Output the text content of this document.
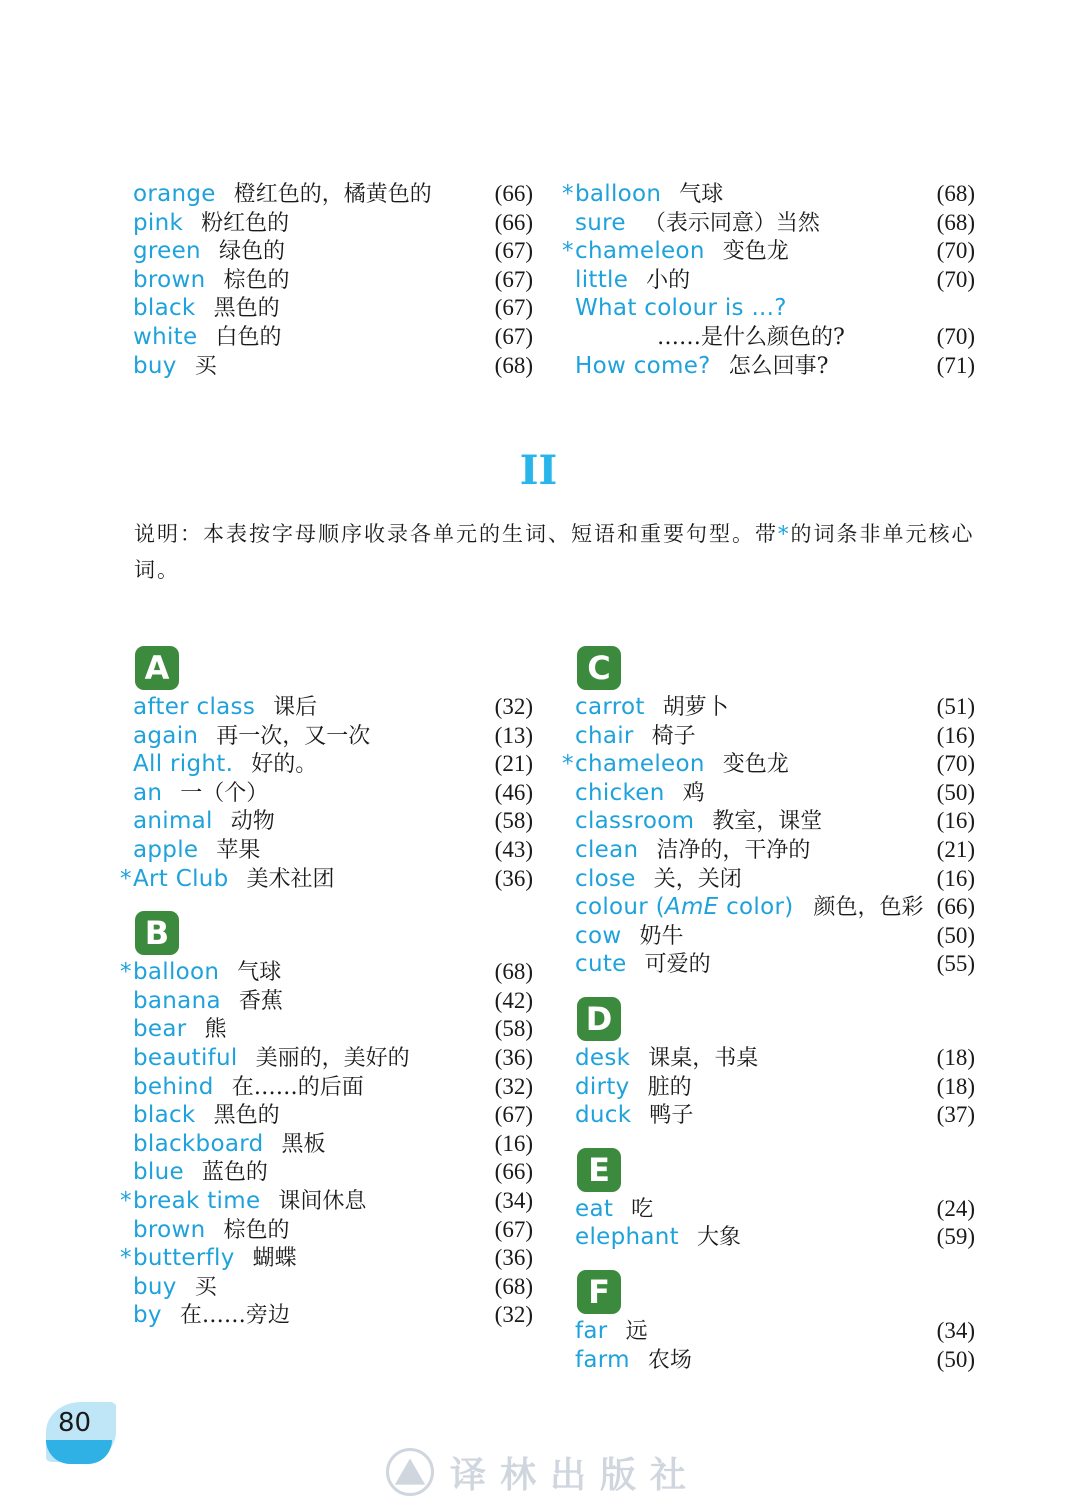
orange 橙红色的，橘黄色的	(66)
pink 粉红色的	(66)
green 绿色的	(67)
brown 棕色的	(67)
black 黑色的	(67)
white 白色的	(67)
buy 买	(68)
* balloon 气球	(68)
sure （表示同意）当然	(68)
* chameleon 变色龙	(70)
little 小的	(70)
What colour is ...?
……是什么颜色的?	(70)
How come? 怎么回事?	(71)
II
说明：本表按字母顺序收录各单元的生词、短语和重要句型。带*的词条非单元核心词。
A
after class 课后	(32)
again 再一次，又一次	(13)
All right. 好的。	(21)
an 一（个）	(46)
animal 动物	(58)
apple 苹果	(43)
* Art Club 美术社团	(36)
B
* balloon 气球	(68)
banana 香蕉	(42)
bear 熊	(58)
beautiful 美丽的，美好的	(36)
behind 在……的后面	(32)
black 黑色的	(67)
blackboard 黑板	(16)
blue 蓝色的	(66)
* break time 课间休息	(34)
brown 棕色的	(67)
* butterfly 蝴蝶	(36)
buy 买	(68)
by 在……旁边	(32)
C
carrot 胡萝卜	(51)
chair 椅子	(16)
* chameleon 变色龙	(70)
chicken 鸡	(50)
classroom 教室，课堂	(16)
clean 洁净的，干净的	(21)
close 关，关闭	(16)
colour (AmE color) 颜色，色彩 (66)
cow 奶牛	(50)
cute 可爱的	(55)
D
desk 课桌，书桌	(18)
dirty 脏的	(18)
duck 鸭子	(37)
E
eat 吃	(24)
elephant 大象	(59)
F
far 远	(34)
farm 农场	(50)
80
⛰ 译林出版社
